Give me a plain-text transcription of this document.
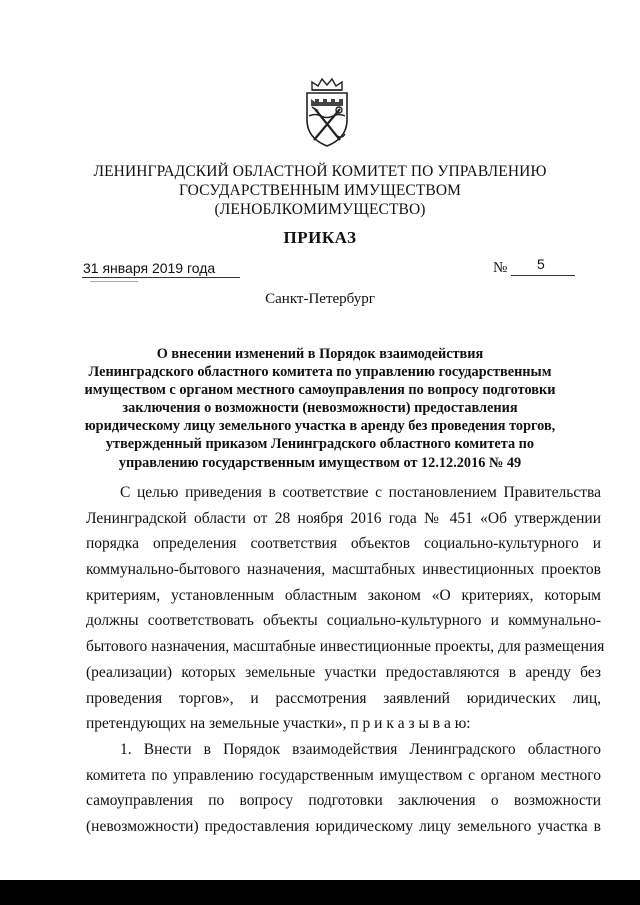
ЛЕНИНГРАДСКИЙ ОБЛАСТНОЙ КОМИТЕТ ПО УПРАВЛЕНИЮ
ГОСУДАРСТВЕННЫМ ИМУЩЕСТВОМ
(ЛЕНОБЛКОМИМУЩЕСТВО)
ПРИКАЗ
31 января 2019 года	№ 5
Санкт-Петербург
О внесении изменений в Порядок взаимодействия
Ленинградского областного комитета по управлению государственным
имуществом с органом местного самоуправления по вопросу подготовки
заключения о возможности (невозможности) предоставления
юридическому лицу земельного участка в аренду без проведения торгов,
утвержденный приказом Ленинградского областного комитета по
управлению государственным имуществом от 12.12.2016 № 49
С целью приведения в соответствие с постановлением Правительства
Ленинградской области от 28 ноября 2016 года № 451 «Об утверждении
порядка определения соответствия объектов социально-культурного и
коммунально-бытового назначения, масштабных инвестиционных проектов
критериям, установленным областным законом «О критериях, которым
должны соответствовать объекты социально-культурного и коммунально-
бытового назначения, масштабные инвестиционные проекты, для размещения
(реализации) которых земельные участки предоставляются в аренду без
проведения торгов», и рассмотрения заявлений юридических лиц,
претендующих на земельные участки», п р и к а з ы в а ю:
1. Внести в Порядок взаимодействия Ленинградского областного
комитета по управлению государственным имуществом с органом местного
самоуправления по вопросу подготовки заключения о возможности
(невозможности) предоставления юридическому лицу земельного участка в
